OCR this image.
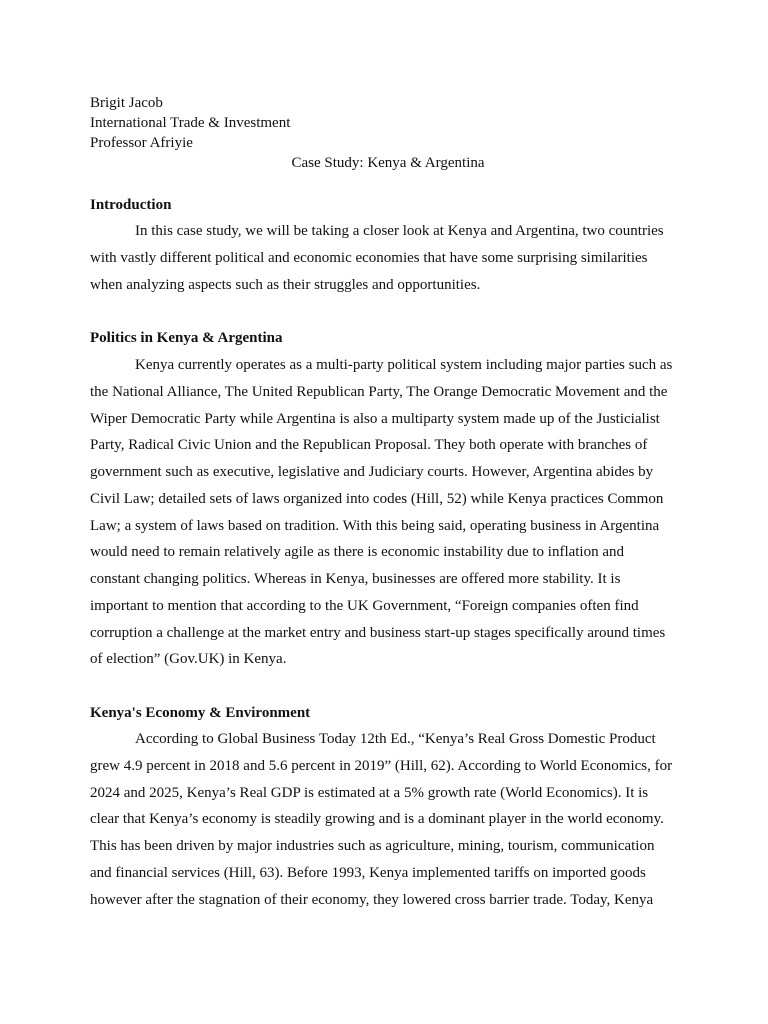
Brigit Jacob
International Trade & Investment
Professor Afriyie
Case Study: Kenya & Argentina
Introduction
In this case study, we will be taking a closer look at Kenya and Argentina, two countries
with vastly different political and economic economies that have some surprising similarities
when analyzing aspects such as their struggles and opportunities.
Politics in Kenya & Argentina
Kenya currently operates as a multi-party political system including major parties such as
the National Alliance, The United Republican Party, The Orange Democratic Movement and the
Wiper Democratic Party while Argentina is also a multiparty system made up of the Justicialist
Party, Radical Civic Union and the Republican Proposal. They both operate with branches of
government such as executive, legislative and Judiciary courts. However, Argentina abides by
Civil Law; detailed sets of laws organized into codes (Hill, 52) while Kenya practices Common
Law; a system of laws based on tradition. With this being said, operating business in Argentina
would need to remain relatively agile as there is economic instability due to inflation and
constant changing politics. Whereas in Kenya, businesses are offered more stability. It is
important to mention that according to the UK Government, “Foreign companies often find
corruption a challenge at the market entry and business start-up stages specifically around times
of election” (Gov.UK) in Kenya.
Kenya's Economy & Environment
According to Global Business Today 12th Ed., “Kenya’s Real Gross Domestic Product
grew 4.9 percent in 2018 and 5.6 percent in 2019” (Hill, 62). According to World Economics, for
2024 and 2025, Kenya’s Real GDP is estimated at a 5% growth rate (World Economics). It is
clear that Kenya’s economy is steadily growing and is a dominant player in the world economy.
This has been driven by major industries such as agriculture, mining, tourism, communication
and financial services (Hill, 63). Before 1993, Kenya implemented tariffs on imported goods
however after the stagnation of their economy, they lowered cross barrier trade. Today, Kenya
